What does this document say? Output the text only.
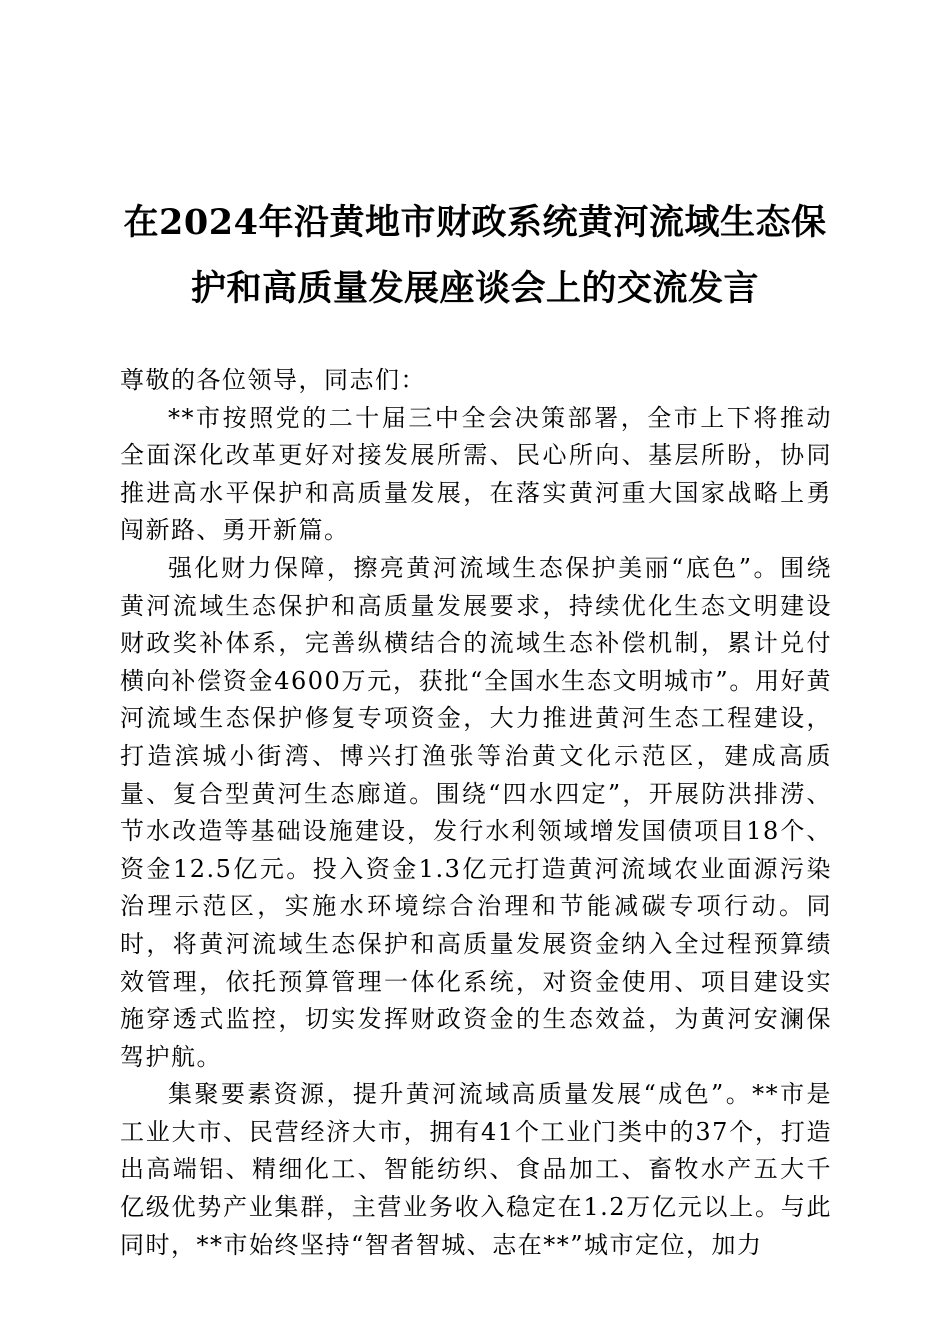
在2024年沿黄地市财政系统黄河流域生态保
护和高质量发展座谈会上的交流发言

尊敬的各位领导，同志们：

**市按照党的二十届三中全会决策部署，全市上下将推动全面深化改革更好对接发展所需、民心所向、基层所盼，协同推进高水平保护和高质量发展，在落实黄河重大国家战略上勇闯新路、勇开新篇。

强化财力保障，擦亮黄河流域生态保护美丽“底色”。围绕黄河流域生态保护和高质量发展要求，持续优化生态文明建设财政奖补体系，完善纵横结合的流域生态补偿机制，累计兑付横向补偿资金4600万元，获批“全国水生态文明城市”。用好黄河流域生态保护修复专项资金，大力推进黄河生态工程建设，打造滨城小街湾、博兴打渔张等治黄文化示范区，建成高质量、复合型黄河生态廊道。围绕“四水四定”，开展防洪排涝、节水改造等基础设施建设，发行水利领域增发国债项目18个、资金12.5亿元。投入资金1.3亿元打造黄河流域农业面源污染治理示范区，实施水环境综合治理和节能减碳专项行动。同时，将黄河流域生态保护和高质量发展资金纳入全过程预算绩效管理，依托预算管理一体化系统，对资金使用、项目建设实施穿透式监控，切实发挥财政资金的生态效益，为黄河安澜保驾护航。

集聚要素资源，提升黄河流域高质量发展“成色”。**市是工业大市、民营经济大市，拥有41个工业门类中的37个，打造出高端铝、精细化工、智能纺织、食品加工、畜牧水产五大千亿级优势产业集群，主营业务收入稳定在1.2万亿元以上。与此同时，**市始终坚持“智者智城、志在**”城市定位，加力
